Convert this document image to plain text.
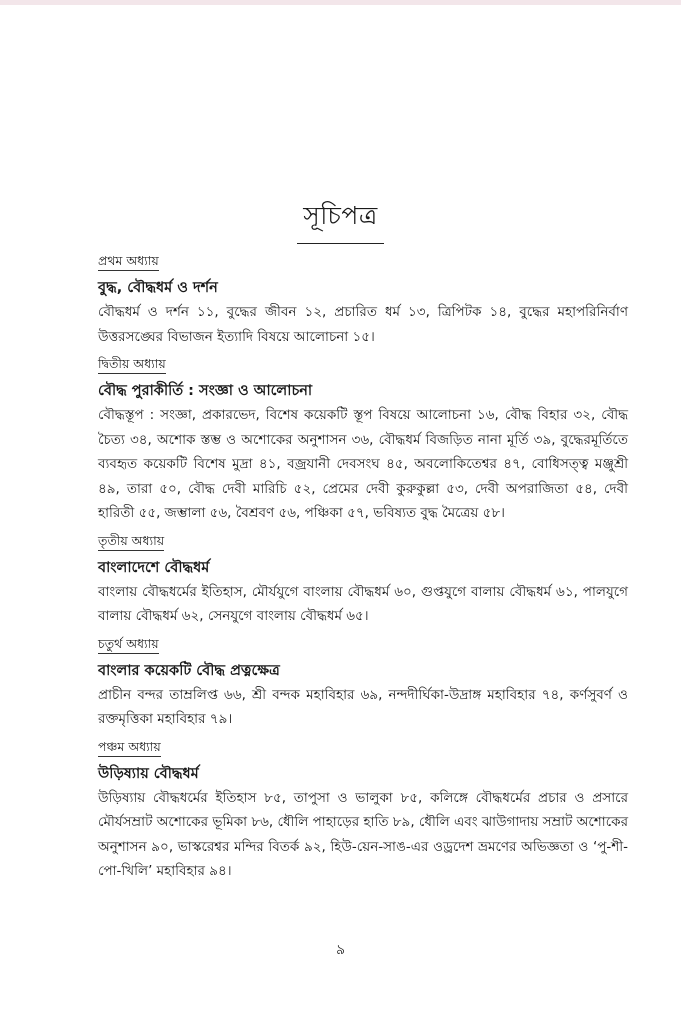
সূচিপত্র
প্রথম অধ্যায়
বুদ্ধ, বৌদ্ধধর্ম ও দর্শন
বৌদ্ধধর্ম ও দর্শন ১১, বুদ্ধের জীবন ১২, প্রচারিত ধর্ম ১৩, ত্রিপিটক ১৪, বুদ্ধের মহাপরিনির্বাণ উত্তরসঙ্ঘের বিভাজন ইত্যাদি বিষয়ে আলোচনা ১৫।
দ্বিতীয় অধ্যায়
বৌদ্ধ পুরাকীর্তি : সংজ্ঞা ও আলোচনা
বৌদ্ধস্তূপ : সংজ্ঞা, প্রকারভেদ, বিশেষ কয়েকটি স্তূপ বিষয়ে আলোচনা ১৬, বৌদ্ধ বিহার ৩২, বৌদ্ধ চৈত্য ৩৪, অশোক স্তম্ভ ও অশোকের অনুশাসন ৩৬, বৌদ্ধধর্ম বিজড়িত নানা মূর্তি ৩৯, বুদ্ধেরমূর্তিতে ব্যবহৃত কয়েকটি বিশেষ মুদ্রা ৪১, বজ্রযানী দেবসংঘ ৪৫, অবলোকিতেশ্বর ৪৭, বোধিসত্ত্ব মঞ্জুশ্রী ৪৯, তারা ৫০, বৌদ্ধ দেবী মারিচি ৫২, প্রেমের দেবী কুরুকুল্লা ৫৩, দেবী অপরাজিতা ৫৪, দেবী হারিতী ৫৫, জম্ভালা ৫৬, বৈশ্রবণ ৫৬, পঞ্চিকা ৫৭, ভবিষ্যত বুদ্ধ মৈত্রেয় ৫৮।
তৃতীয় অধ্যায়
বাংলাদেশে বৌদ্ধধর্ম
বাংলায় বৌদ্ধধর্মের ইতিহাস, মৌর্যযুগে বাংলায় বৌদ্ধধর্ম ৬০, গুপ্তযুগে বালায় বৌদ্ধধর্ম ৬১, পালযুগে বালায় বৌদ্ধধর্ম ৬২, সেনযুগে বাংলায় বৌদ্ধধর্ম ৬৫।
চতুর্থ অধ্যায়
বাংলার কয়েকটি বৌদ্ধ প্রত্নক্ষেত্র
প্রাচীন বন্দর তাম্রলিপ্ত ৬৬, শ্রী বন্দক মহাবিহার ৬৯, নন্দদীর্ঘিকা-উদ্রাঙ্গ মহাবিহার ৭৪, কর্ণসুবর্ণ ও রক্তমৃত্তিকা মহাবিহার ৭৯।
পঞ্চম অধ্যায়
উড়িষ্যায় বৌদ্ধধর্ম
উড়িষ্যায় বৌদ্ধধর্মের ইতিহাস ৮৫, তাপুসা ও ভালুকা ৮৫, কলিঙ্গে বৌদ্ধধর্মের প্রচার ও প্রসারে মৌর্যসম্রাট অশোকের ভূমিকা ৮৬, ধৌলি পাহাড়ের হাতি ৮৯, ধৌলি এবং ঝাউগাদায় সম্রাট অশোকের অনুশাসন ৯০, ভাস্করেশ্বর মন্দির বিতর্ক ৯২, হিউ-য়েন-সাঙ-এর ওড্রদেশ ভ্রমণের অভিজ্ঞতা ও ‘পু-শী-পো-খিলি’ মহাবিহার ৯৪।
৯
